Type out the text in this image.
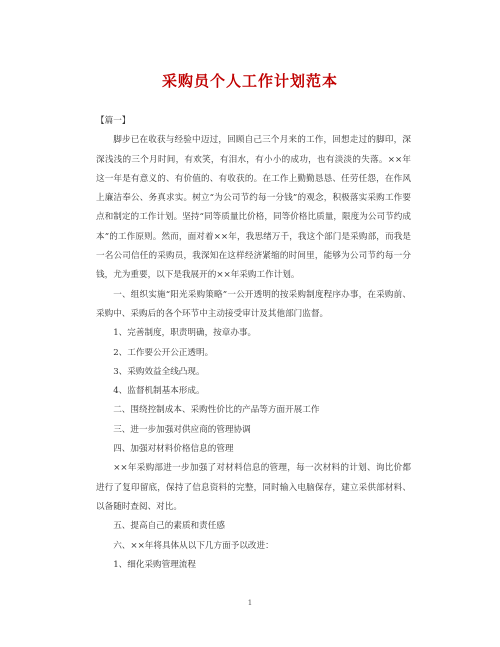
采购员个人工作计划范本

【篇一】

脚步已在收获与经验中迈过，回顾自己三个月来的工作，回想走过的脚印，深深浅浅的三个月时间，有欢笑，有泪水，有小小的成功，也有淡淡的失落。××年这一年是有意义的、有价值的、有收获的。在工作上勤勤恳恳、任劳任怨，在作风上廉洁奉公、务真求实。树立“为公司节约每一分钱”的观念，积极落实采购工作要点和制定的工作计划。坚持“同等质量比价格，同等价格比质量，限度为公司节约成本”的工作原则。然而，面对着××年，我思绪万千，我这个部门是采购部，而我是一名公司信任的采购员，我深知在这样经济紧缩的时间里，能够为公司节约每一分钱，尤为重要，以下是我展开的××年采购工作计划。

一、组织实施“阳光采购策略”一公开透明的按采购制度程序办事，在采购前、采购中、采购后的各个环节中主动接受审计及其他部门监督。

1、完善制度，职责明确，按章办事。

2、工作要公开公正透明。

3、采购效益全线凸现。

4、监督机制基本形成。

二、围绕控制成本、采购性价比的产品等方面开展工作

三、进一步加强对供应商的管理协调

四、加强对材料价格信息的管理

××年采购部进一步加强了对材料信息的管理，每一次材料的计划、询比价都进行了复印留底，保持了信息资料的完整，同时输入电脑保存，建立采供部材料、以备随时查阅、对比。

五、提高自己的素质和责任感

六、××年将具体从以下几方面予以改进：

1、细化采购管理流程

1
